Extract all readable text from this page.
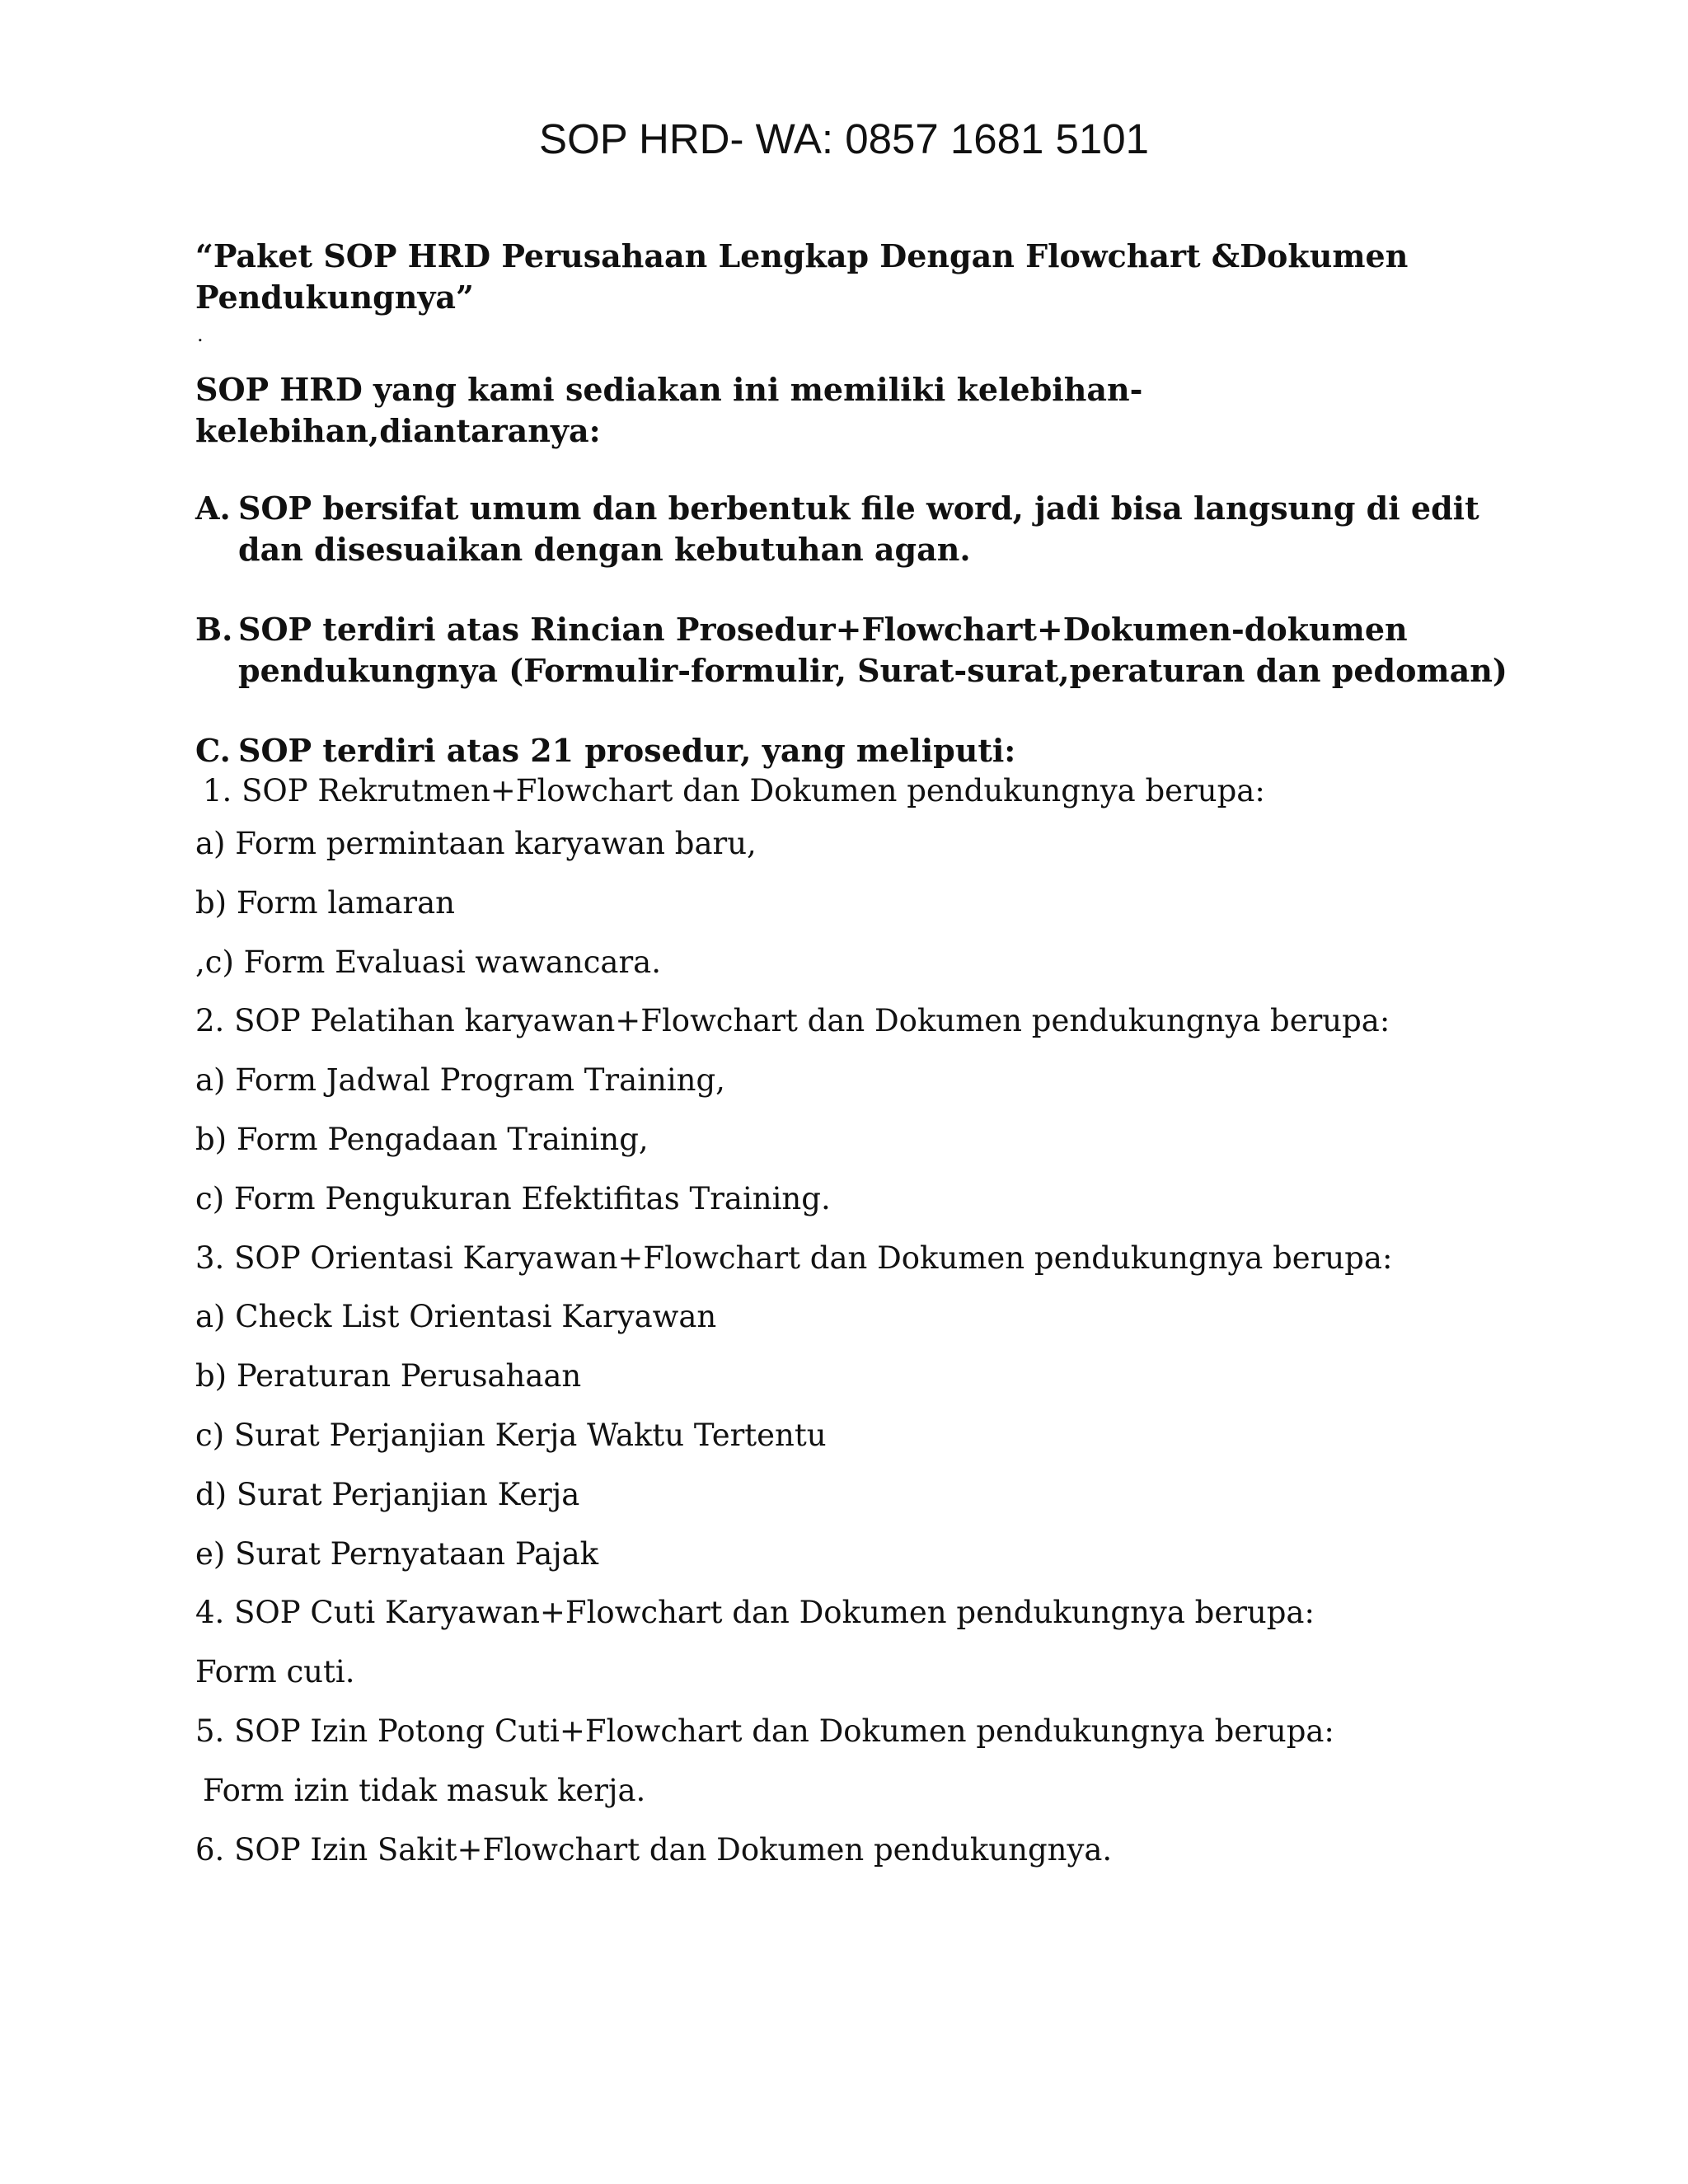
SOP HRD- WA: 0857 1681 5101
“Paket SOP HRD Perusahaan Lengkap Dengan Flowchart &Dokumen Pendukungnya”
.
SOP HRD yang kami sediakan ini memiliki kelebihan-kelebihan,diantaranya:
A. SOP bersifat umum dan berbentuk file word, jadi bisa langsung di edit dan disesuaikan dengan kebutuhan agan.
B. SOP terdiri atas Rincian Prosedur+Flowchart+Dokumen-dokumen pendukungnya (Formulir-formulir, Surat-surat,peraturan dan pedoman)
C. SOP terdiri atas 21 prosedur, yang meliputi:
1. SOP Rekrutmen+Flowchart dan Dokumen pendukungnya berupa:
a) Form permintaan karyawan baru,
b) Form lamaran
,c) Form Evaluasi wawancara.
2. SOP Pelatihan karyawan+Flowchart dan Dokumen pendukungnya berupa:
a) Form Jadwal Program Training,
b) Form Pengadaan Training,
c) Form Pengukuran Efektifitas Training.
3. SOP Orientasi Karyawan+Flowchart dan Dokumen pendukungnya berupa:
a) Check List Orientasi Karyawan
b) Peraturan Perusahaan
c) Surat Perjanjian Kerja Waktu Tertentu
d) Surat Perjanjian Kerja
e) Surat Pernyataan Pajak
4. SOP Cuti Karyawan+Flowchart dan Dokumen pendukungnya berupa:
Form cuti.
5. SOP Izin Potong Cuti+Flowchart dan Dokumen pendukungnya berupa:
Form izin tidak masuk kerja.
6. SOP Izin Sakit+Flowchart dan Dokumen pendukungnya.
